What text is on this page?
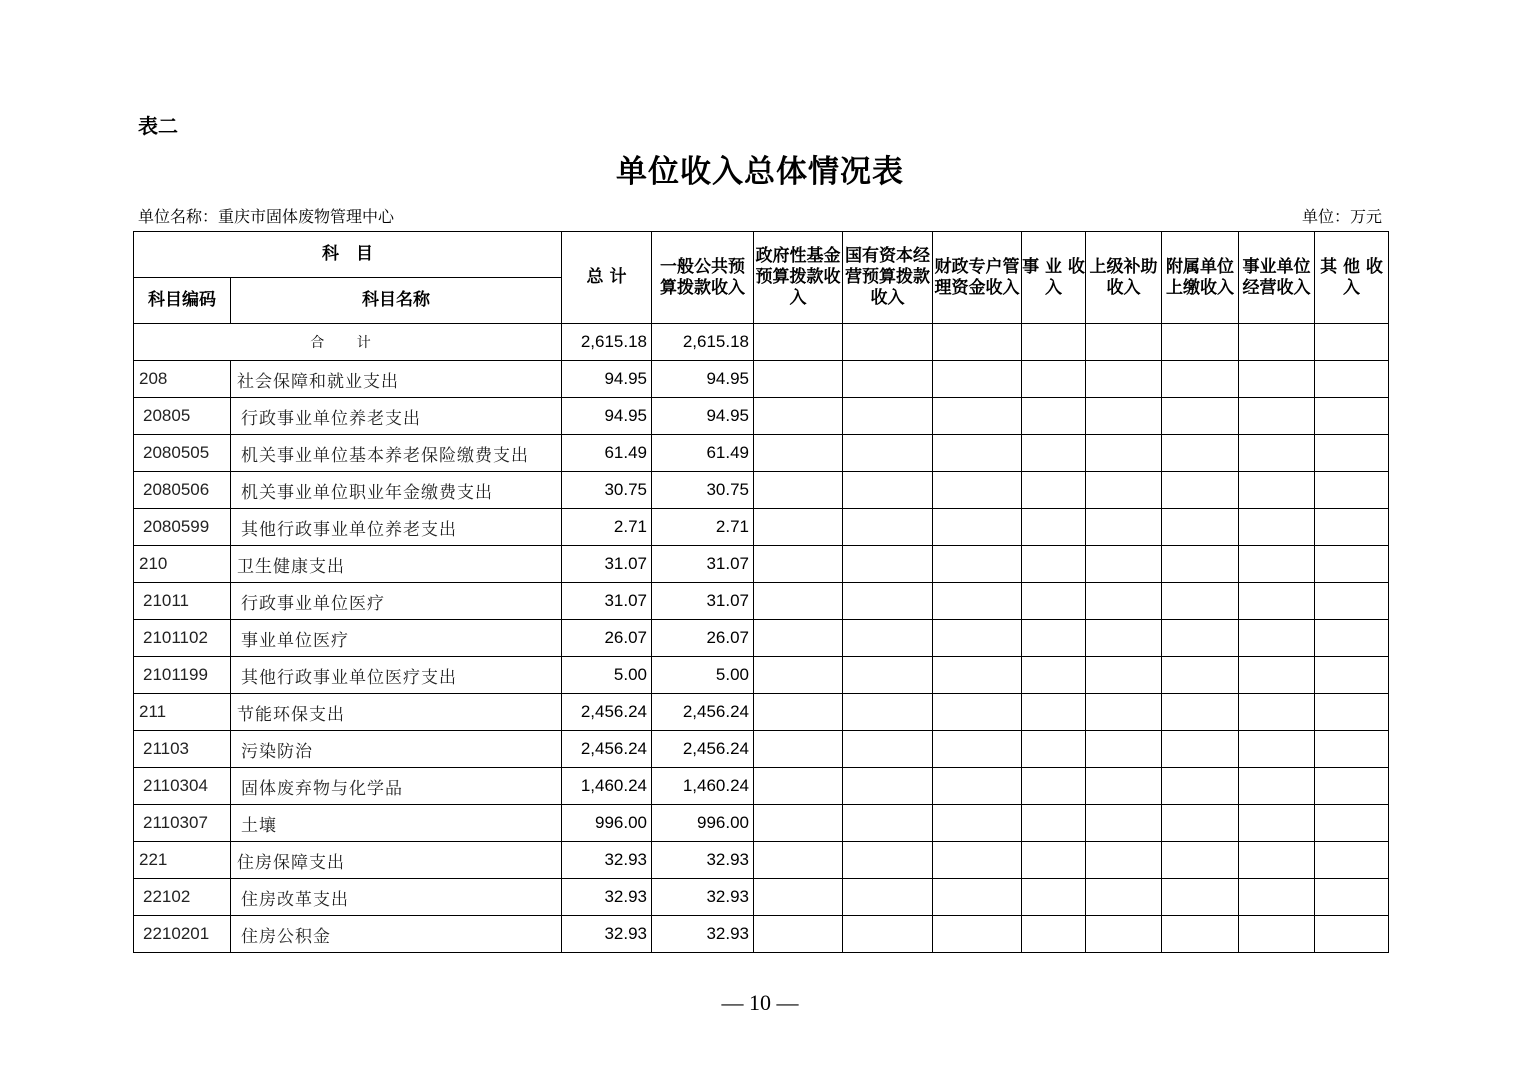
表二
单位收入总体情况表
单位名称：重庆市固体废物管理中心	单位：万元
科　目		总 计	一般公共预算拨款收入	政府性基金预算拨款收入	国有资本经营预算拨款收入	财政专户管理资金收入	事 业 收 入	上级补助收入	附属单位上缴收入	事业单位经营收入	其 他 收 入
科目编码	科目名称										
合 计		2,615.18	2,615.18								
208	社会保障和就业支出	94.95	94.95								
20805	行政事业单位养老支出	94.95	94.95								
2080505	机关事业单位基本养老保险缴费支出	61.49	61.49								
2080506	机关事业单位职业年金缴费支出	30.75	30.75								
2080599	其他行政事业单位养老支出	2.71	2.71								
210	卫生健康支出	31.07	31.07								
21011	行政事业单位医疗	31.07	31.07								
2101102	事业单位医疗	26.07	26.07								
2101199	其他行政事业单位医疗支出	5.00	5.00								
211	节能环保支出	2,456.24	2,456.24								
21103	污染防治	2,456.24	2,456.24								
2110304	固体废弃物与化学品	1,460.24	1,460.24								
2110307	土壤	996.00	996.00								
221	住房保障支出	32.93	32.93								
22102	住房改革支出	32.93	32.93								
2210201	住房公积金	32.93	32.93								
— 10 —
